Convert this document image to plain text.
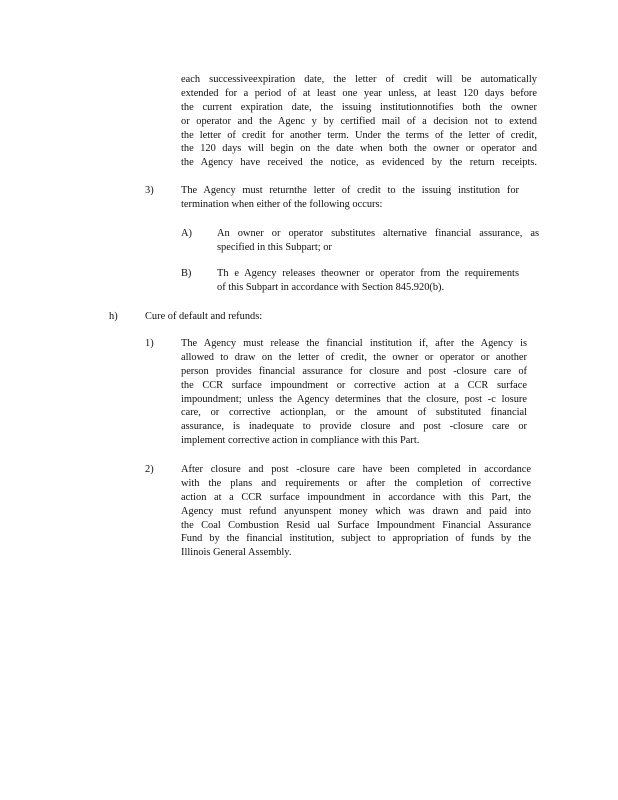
each successiveexpiration date, the letter of credit will be automatically
extended for a period of at least one year unless, at least 120 days before
the current expiration date, the issuing institutionnotifies both the owner
or operator and the Agenc y by certified mail of a decision not to extend
the letter of credit for another term. Under the terms of the letter of credit,
the 120 days will begin on the date when both the owner or operator and
the Agency have received the notice, as evidenced by the return receipts.
3)	The Agency must returnthe letter of credit to the issuing institution for
termination when either of the following occurs:
A) An owner or operator substitutes alternative financial assurance, as
specified in this Subpart; or
B) Th e Agency releases theowner or operator from the requirements
of this Subpart in accordance with Section 845.920(b).
h)	Cure of default and refunds:
1)	The Agency must release the financial institution if, after the Agency is
allowed to draw on the letter of credit, the owner or operator or another
person provides financial assurance for closure and post -closure care of
the CCR surface impoundment or corrective action at a CCR surface
impoundment; unless the Agency determines that the closure, post -c losure
care, or corrective actionplan, or the amount of substituted financial
assurance, is inadequate to provide closure and post -closure care or
implement corrective action in compliance with this Part.
2)	After closure and post -closure care have been completed in accordance
with the plans and requirements or after the completion of corrective
action at a CCR surface impoundment in accordance with this Part, the
Agency must refund anyunspent money which was drawn and paid into
the Coal Combustion Resid ual Surface Impoundment Financial Assurance
Fund by the financial institution, subject to appropriation of funds by the
Illinois General Assembly.
